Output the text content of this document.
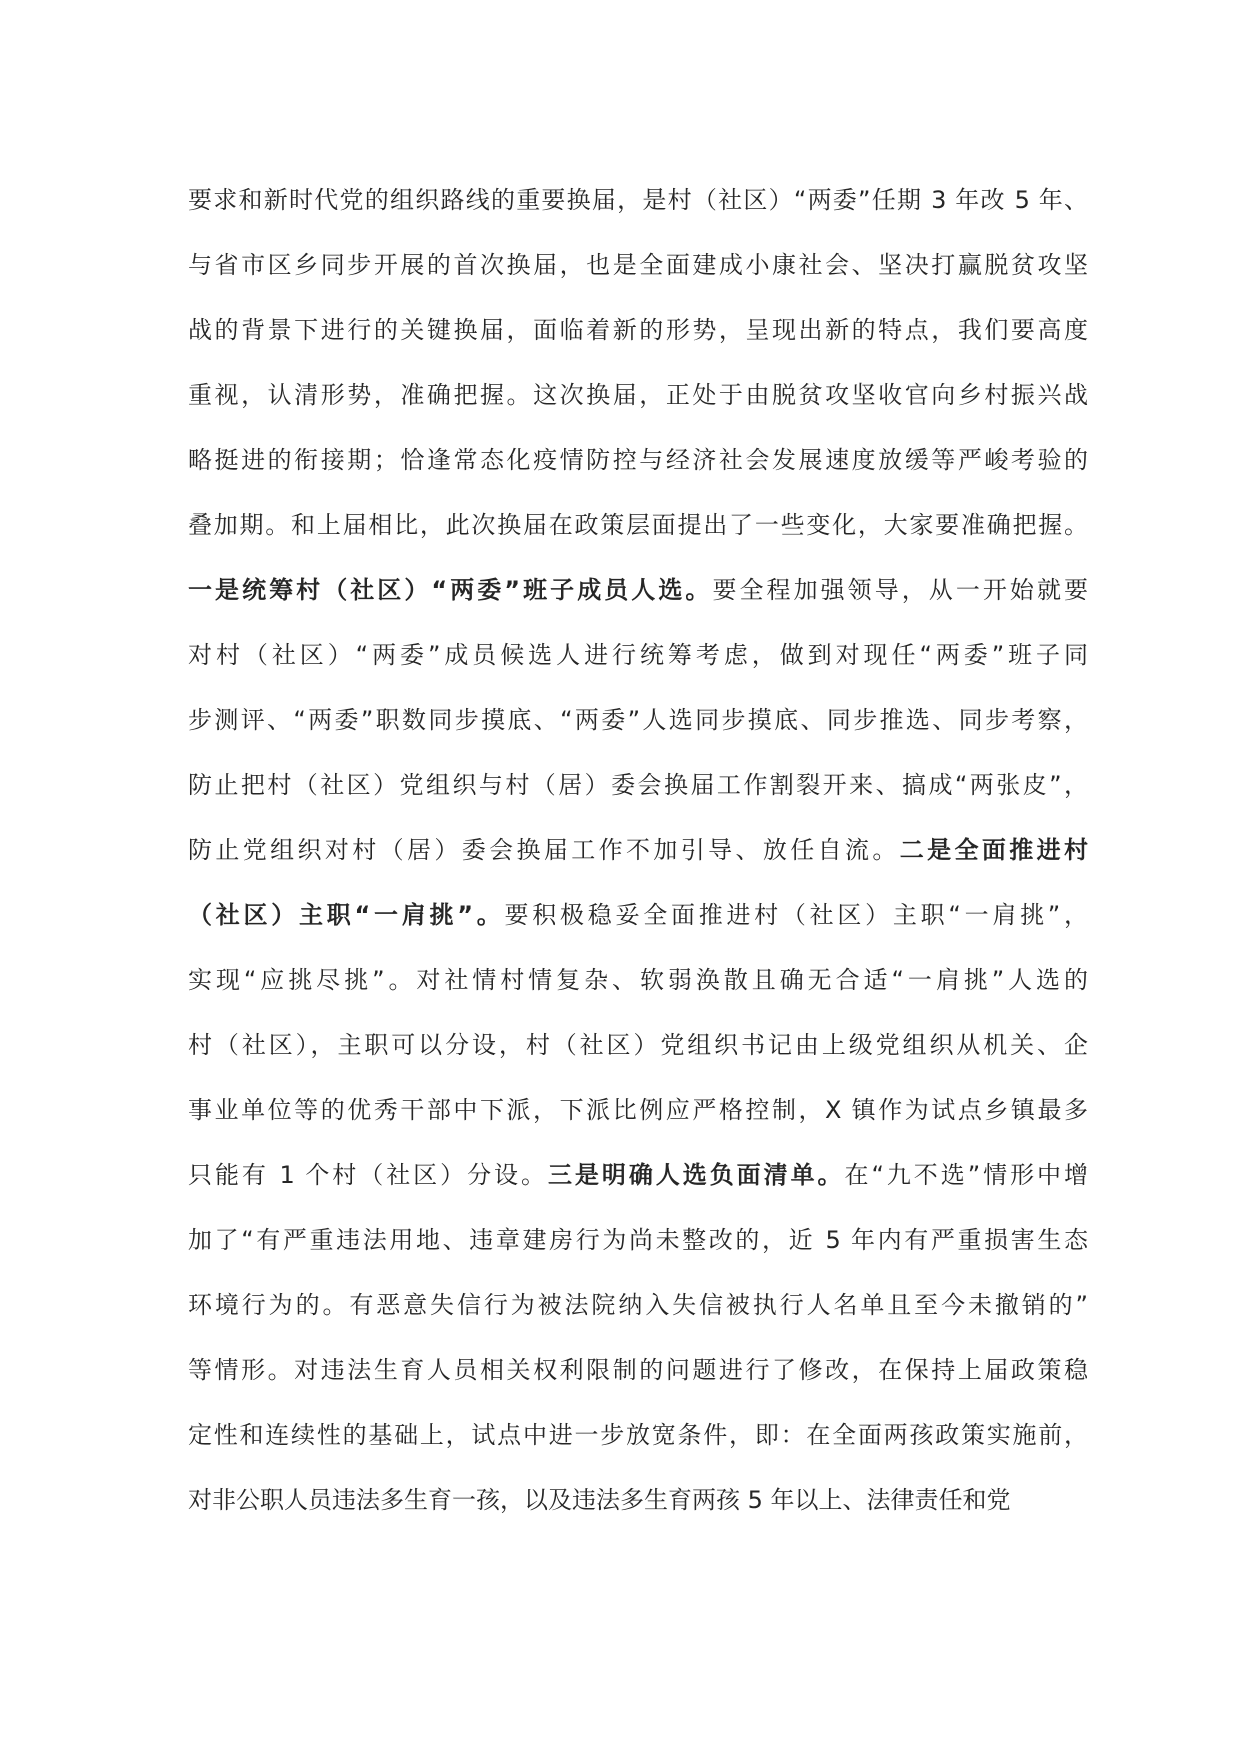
要求和新时代党的组织路线的重要换届，是村（社区）“两委”任期 3 年改 5 年、
与省市区乡同步开展的首次换届，也是全面建成小康社会、坚决打赢脱贫攻坚
战的背景下进行的关键换届，面临着新的形势，呈现出新的特点，我们要高度
重视，认清形势，准确把握。这次换届，正处于由脱贫攻坚收官向乡村振兴战
略挺进的衔接期；恰逢常态化疫情防控与经济社会发展速度放缓等严峻考验的
叠加期。和上届相比，此次换届在政策层面提出了一些变化，大家要准确把握。
一是统筹村（社区）“两委”班子成员人选。要全程加强领导，从一开始就要
对村（社区）“两委”成员候选人进行统筹考虑，做到对现任“两委”班子同
步测评、“两委”职数同步摸底、“两委”人选同步摸底、同步推选、同步考察，
防止把村（社区）党组织与村（居）委会换届工作割裂开来、搞成“两张皮”，
防止党组织对村（居）委会换届工作不加引导、放任自流。二是全面推进村
（社区）主职“一肩挑”。要积极稳妥全面推进村（社区）主职“一肩挑”，
实现“应挑尽挑”。对社情村情复杂、软弱涣散且确无合适“一肩挑”人选的
村（社区），主职可以分设，村（社区）党组织书记由上级党组织从机关、企
事业单位等的优秀干部中下派，下派比例应严格控制，X 镇作为试点乡镇最多
只能有 1 个村（社区）分设。三是明确人选负面清单。在“九不选”情形中增
加了“有严重违法用地、违章建房行为尚未整改的，近 5 年内有严重损害生态
环境行为的。有恶意失信行为被法院纳入失信被执行人名单且至今未撤销的”
等情形。对违法生育人员相关权利限制的问题进行了修改，在保持上届政策稳
定性和连续性的基础上，试点中进一步放宽条件，即：在全面两孩政策实施前，
对非公职人员违法多生育一孩，以及违法多生育两孩 5 年以上、法律责任和党
